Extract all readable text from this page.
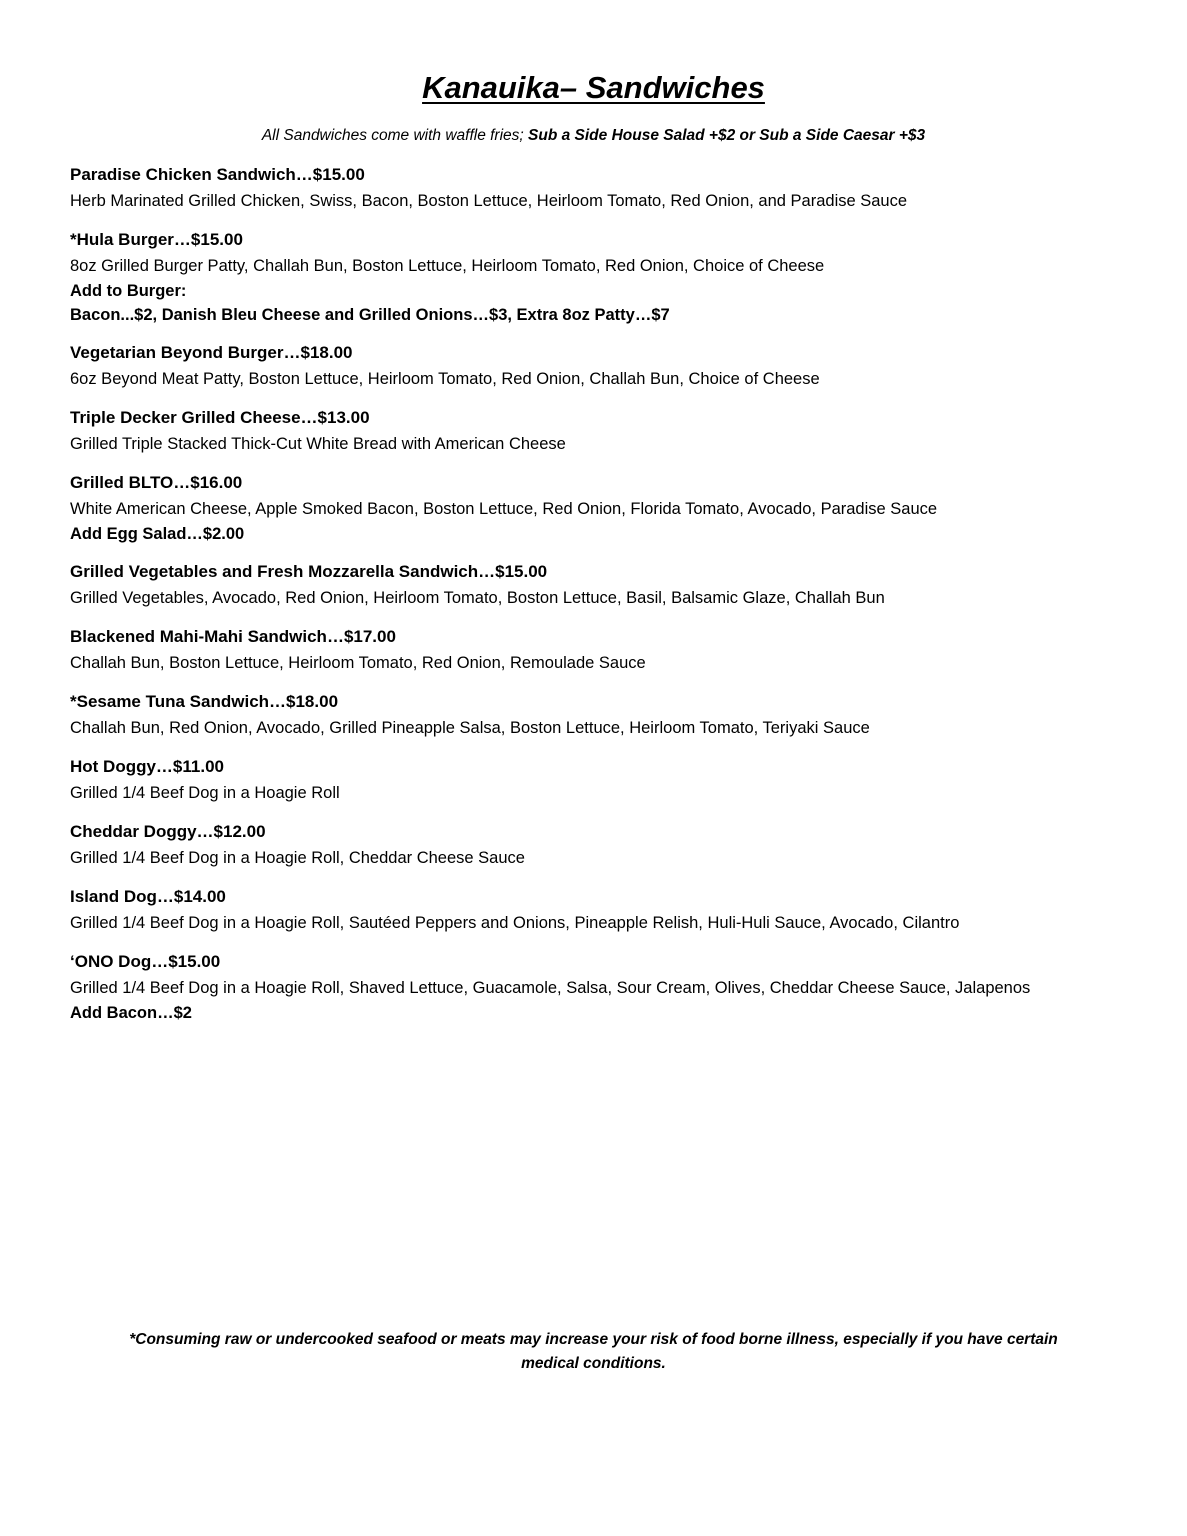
Kanauika– Sandwiches
All Sandwiches come with waffle fries; Sub a Side House Salad +$2 or Sub a Side Caesar +$3
Paradise Chicken Sandwich…$15.00
Herb Marinated Grilled Chicken, Swiss, Bacon, Boston Lettuce, Heirloom Tomato, Red Onion, and Paradise Sauce
*Hula Burger…$15.00
8oz Grilled Burger Patty, Challah Bun, Boston Lettuce, Heirloom Tomato, Red Onion, Choice of Cheese
Add to Burger:
Bacon...$2, Danish Bleu Cheese and Grilled Onions…$3, Extra 8oz Patty…$7
Vegetarian Beyond Burger…$18.00
6oz Beyond Meat Patty, Boston Lettuce, Heirloom Tomato, Red Onion, Challah Bun, Choice of Cheese
Triple Decker Grilled Cheese…$13.00
Grilled Triple Stacked Thick-Cut White Bread with American Cheese
Grilled BLTO…$16.00
White American Cheese, Apple Smoked Bacon, Boston Lettuce, Red Onion, Florida Tomato, Avocado, Paradise Sauce
Add Egg Salad…$2.00
Grilled Vegetables and Fresh Mozzarella Sandwich…$15.00
Grilled Vegetables, Avocado, Red Onion, Heirloom Tomato, Boston Lettuce, Basil, Balsamic Glaze, Challah Bun
Blackened Mahi-Mahi Sandwich…$17.00
Challah Bun, Boston Lettuce, Heirloom Tomato, Red Onion, Remoulade Sauce
*Sesame Tuna Sandwich…$18.00
Challah Bun, Red Onion, Avocado, Grilled Pineapple Salsa, Boston Lettuce, Heirloom Tomato, Teriyaki Sauce
Hot Doggy…$11.00
Grilled 1/4 Beef Dog in a Hoagie Roll
Cheddar Doggy…$12.00
Grilled 1/4 Beef Dog in a Hoagie Roll, Cheddar Cheese Sauce
Island Dog…$14.00
Grilled 1/4 Beef Dog in a Hoagie Roll, Sautéed Peppers and Onions, Pineapple Relish, Huli-Huli Sauce, Avocado, Cilantro
‘ONO Dog…$15.00
Grilled 1/4 Beef Dog in a Hoagie Roll, Shaved Lettuce, Guacamole, Salsa, Sour Cream, Olives, Cheddar Cheese Sauce, Jalapenos
Add Bacon…$2
*Consuming raw or undercooked seafood or meats may increase your risk of food borne illness, especially if you have certain
medical conditions.
